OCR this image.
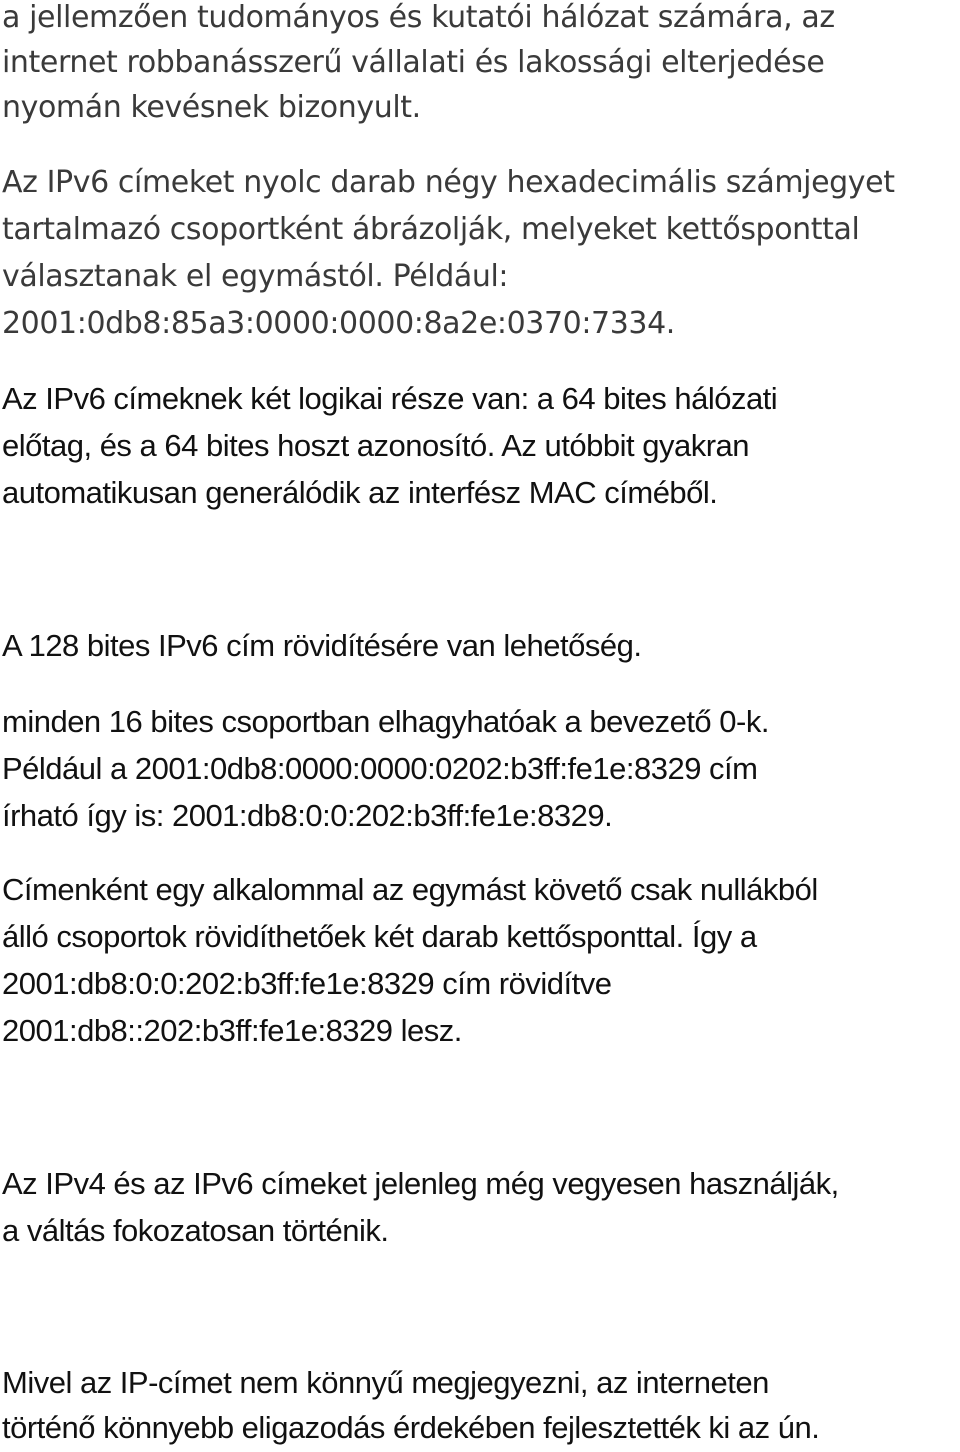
a jellemzően tudományos és kutatói hálózat számára, az

internet robbanásszerű vállalati és lakossági elterjedése

nyomán kevésnek bizonyult.

Az IPv6 címeket nyolc darab négy hexadecimális számjegyet

tartalmazó csoportként ábrázolják, melyeket kettősponttal

választanak el egymástól. Például:

2001:0db8:85a3:0000:0000:8a2e:0370:7334.

Az IPv6 címeknek két logikai része van: a 64 bites hálózati

előtag, és a 64 bites hoszt azonosító. Az utóbbit gyakran

automatikusan generálódik az interfész MAC címéből.

A 128 bites IPv6 cím rövidítésére van lehetőség.

minden 16 bites csoportban elhagyhatóak a bevezető 0-k.

Például a 2001:0db8:0000:0000:0202:b3ff:fe1e:8329 cím

írható így is: 2001:db8:0:0:202:b3ff:fe1e:8329.

Címenként egy alkalommal az egymást követő csak nullákból

álló csoportok rövidíthetőek két darab kettősponttal. Így a

2001:db8:0:0:202:b3ff:fe1e:8329 cím rövidítve

2001:db8::202:b3ff:fe1e:8329 lesz.

Az IPv4 és az IPv6 címeket jelenleg még vegyesen használják,

a váltás fokozatosan történik.

Mivel az IP-címet nem könnyű megjegyezni, az interneten

történő könnyebb eligazodás érdekében fejlesztették ki az ún.
